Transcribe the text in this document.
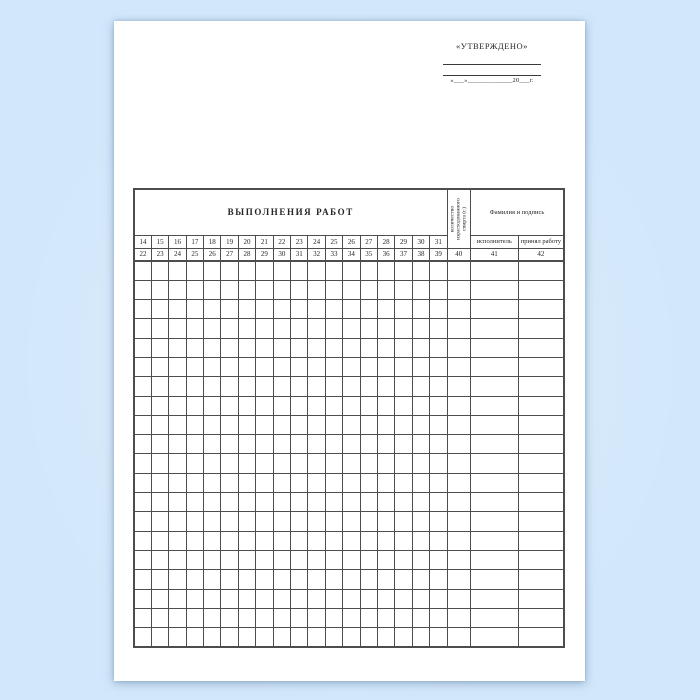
«УТВЕРЖДЕНО»
«___»_____________20___г.
ВЫПОЛНЕНИЯ РАБОТ																		количество израсходованного спирта (г.)	Фамилия и подпись	
14	15	16	17	18	19	20	21	22	23	24	25	26	27	28	29	30	31		исполнитель	принял работу
22	23	24	25	26	27	28	29	30	31	32	33	34	35	36	37	38	39	40	41	42
